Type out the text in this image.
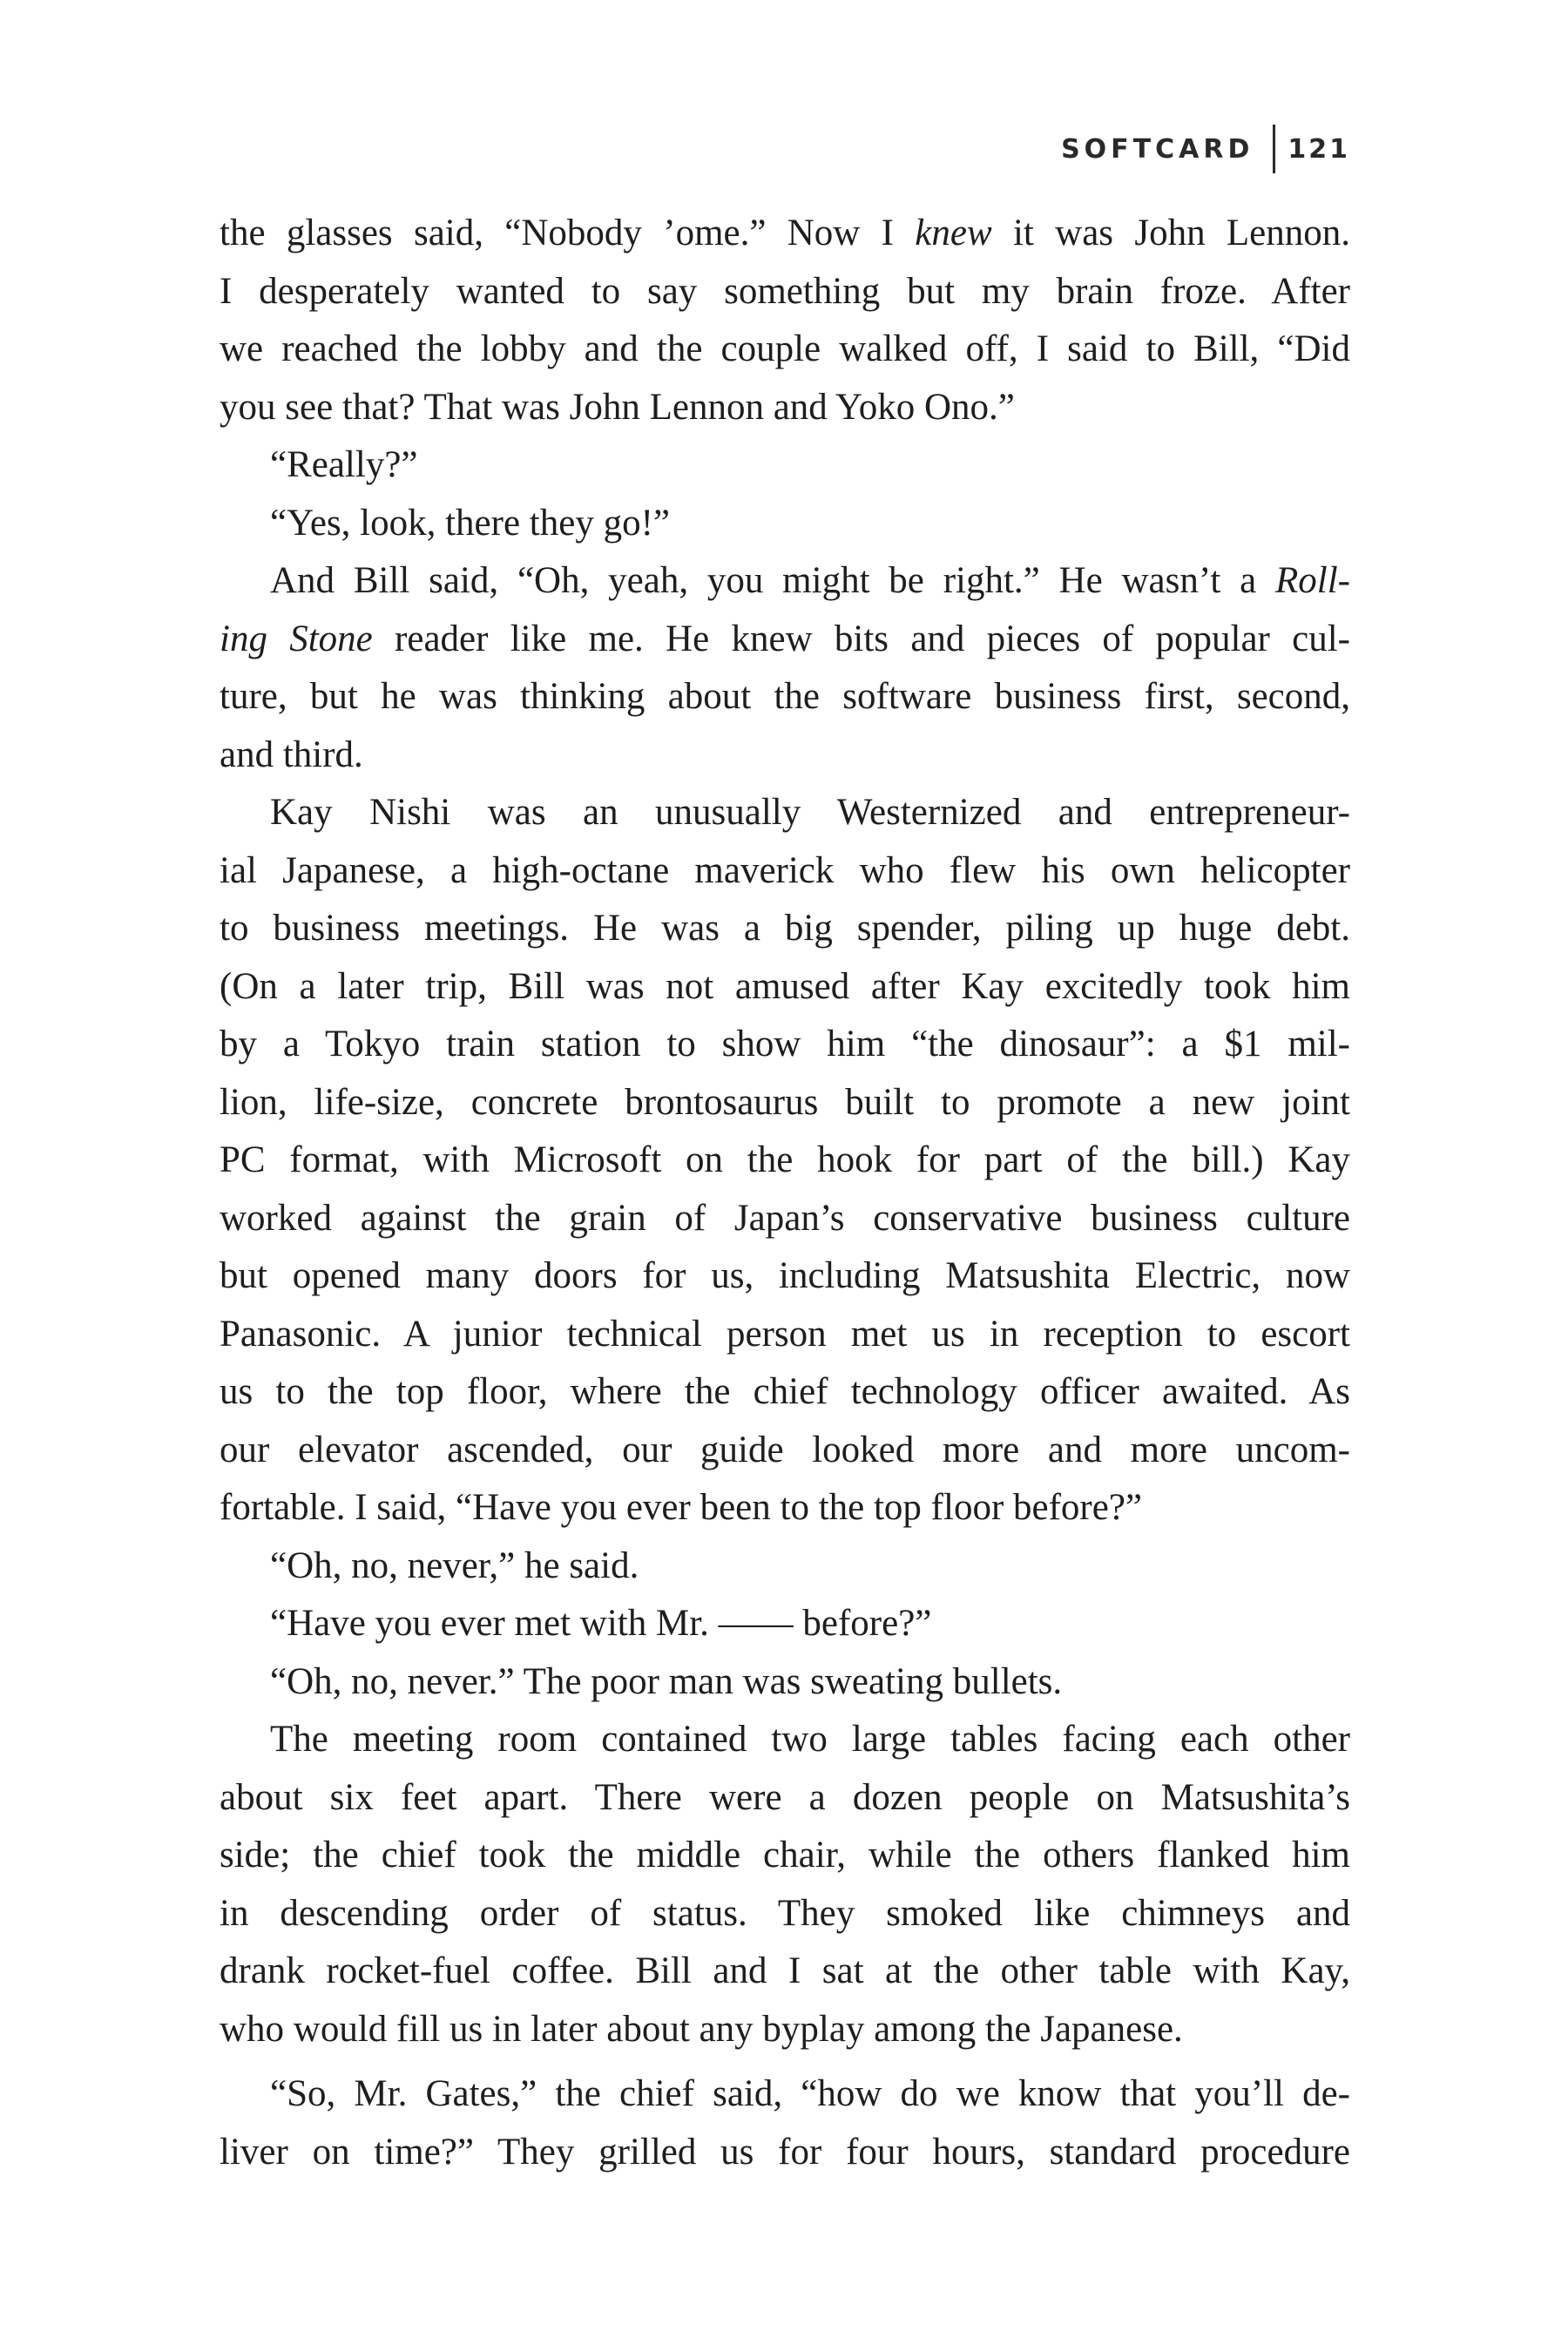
SOFTCARD	121
the glasses said, “Nobody ’ome.” Now I knew it was John Lennon.
I desperately wanted to say something but my brain froze. After
we reached the lobby and the couple walked off, I said to Bill, “Did
you see that? That was John Lennon and Yoko Ono.”
“Really?”
“Yes, look, there they go!”
And Bill said, “Oh, yeah, you might be right.” He wasn’t a Roll-
ing Stone reader like me. He knew bits and pieces of popular cul-
ture, but he was thinking about the software business first, second,
and third.
Kay Nishi was an unusually Westernized and entrepreneur-
ial Japanese, a high-octane maverick who flew his own helicopter
to business meetings. He was a big spender, piling up huge debt.
(On a later trip, Bill was not amused after Kay excitedly took him
by a Tokyo train station to show him “the dinosaur”: a $1 mil-
lion, life-size, concrete brontosaurus built to promote a new joint
PC format, with Microsoft on the hook for part of the bill.) Kay
worked against the grain of Japan’s conservative business culture
but opened many doors for us, including Matsushita Electric, now
Panasonic. A junior technical person met us in reception to escort
us to the top floor, where the chief technology officer awaited. As
our elevator ascended, our guide looked more and more uncom-
fortable. I said, “Have you ever been to the top floor before?”
“Oh, no, never,” he said.
“Have you ever met with Mr. —— before?”
“Oh, no, never.” The poor man was sweating bullets.
The meeting room contained two large tables facing each other
about six feet apart. There were a dozen people on Matsushita’s
side; the chief took the middle chair, while the others flanked him
in descending order of status. They smoked like chimneys and
drank rocket-fuel coffee. Bill and I sat at the other table with Kay,
who would fill us in later about any byplay among the Japanese.
“So, Mr. Gates,” the chief said, “how do we know that you’ll de-
liver on time?” They grilled us for four hours, standard procedure
